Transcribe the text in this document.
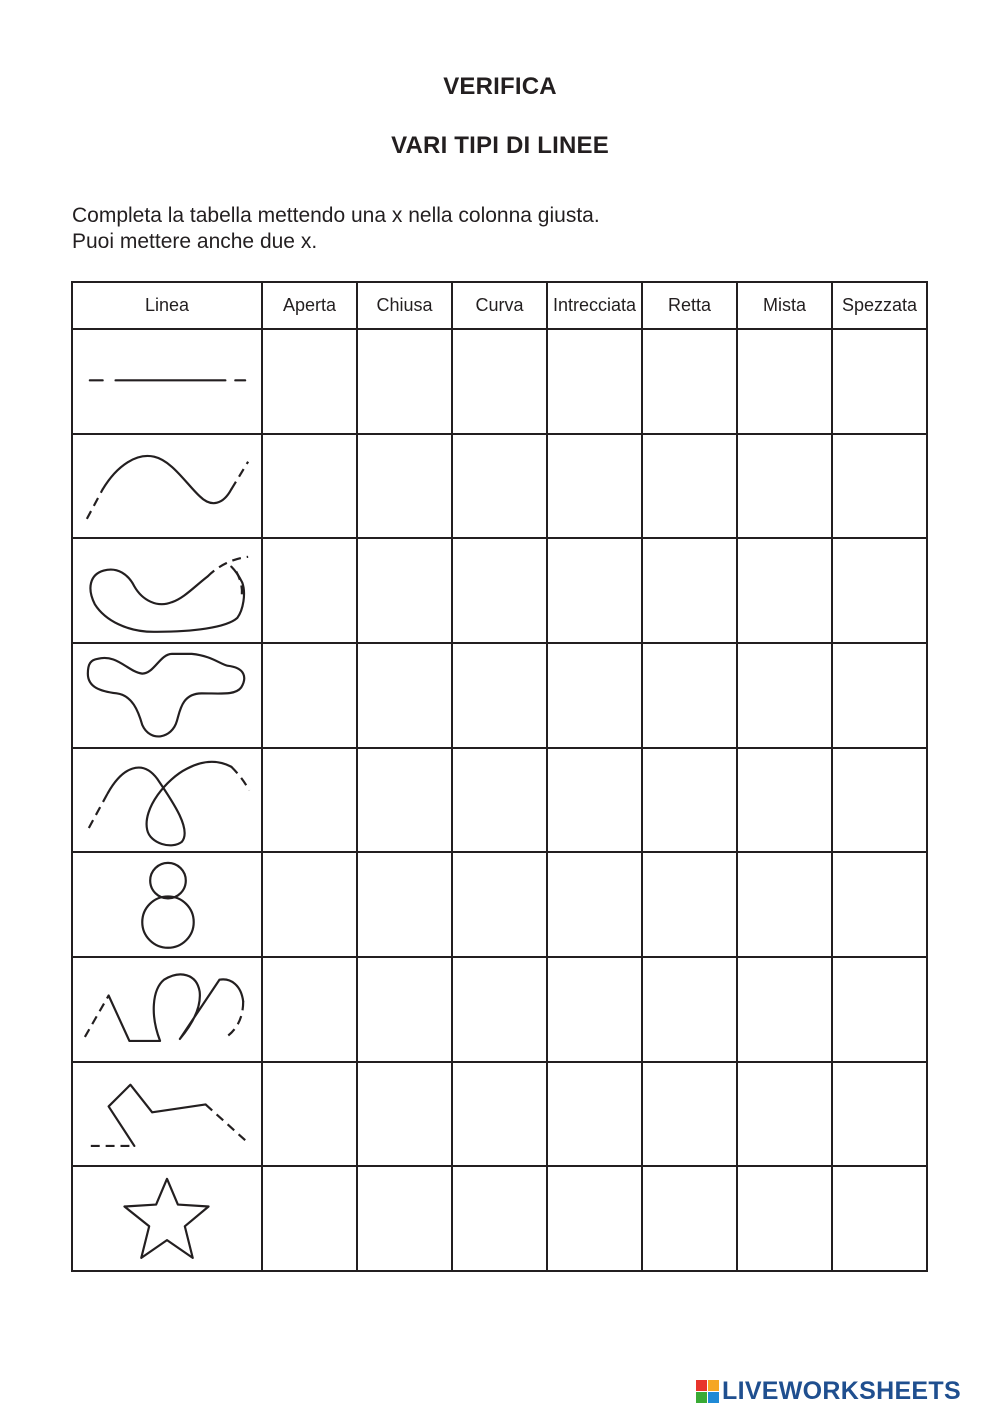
VERIFICA
VARI TIPI DI LINEE
Completa la tabella mettendo una x nella colonna giusta.
Puoi mettere anche due x.
Linea	Aperta	Chiusa	Curva	Intrecciata	Retta	Mista	Spezzata

LIVEWORKSHEETS
